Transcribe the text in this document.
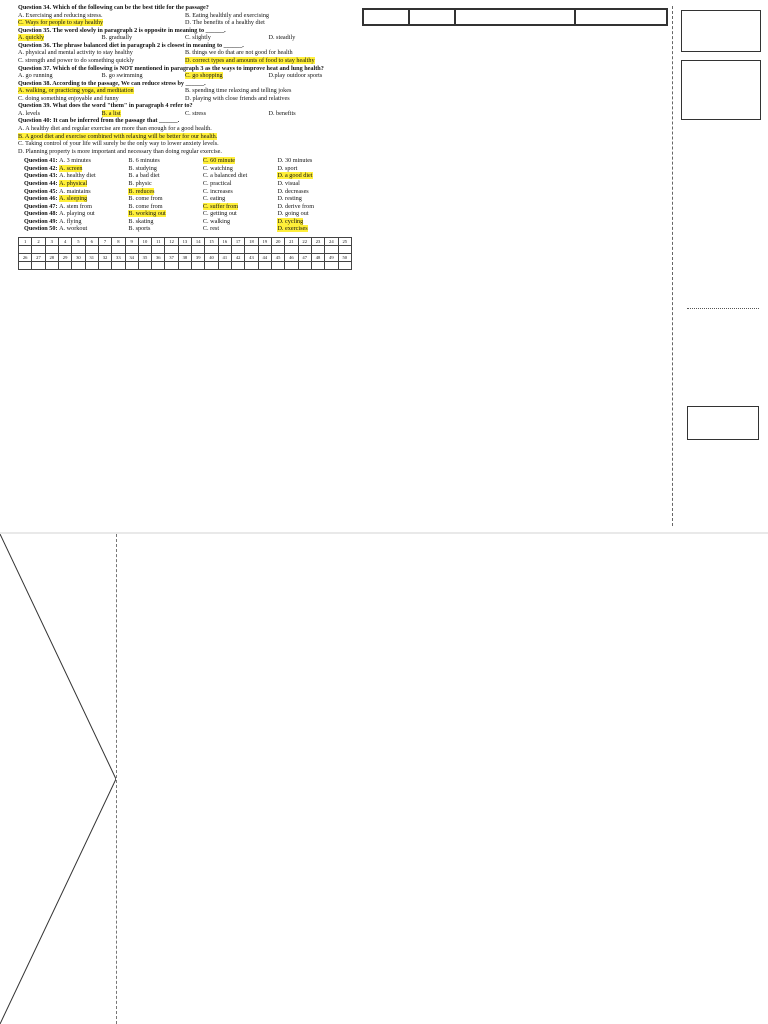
Question 34. Which of the following can be the best title for the passage?
A. Exercising and reducing stress.	B. Eating healthily and exercising
C. Ways for people to stay healthy	D. The benefits of a healthy diet
Question 35. The word slowly in paragraph 2 is opposite in meaning to ______.
A. quickly	B. gradually	C. slightly	D. steadily
Question 36. The phrase balanced diet in paragraph 2 is closest in meaning to ______.
A. physical and mental activity to stay healthy	B. things we do that are not good for health
C. strength and power to do something quickly	D. correct types and amounts of food to stay healthy
Question 37. Which of the following is NOT mentioned in paragraph 3 as the ways to improve heat and lung health?
A. go running	B. go swimming	C. go shopping	D.play outdoor sports
Question 38. According to the passage, We can reduce stress by ______.
A. walking, or practicing yoga, and meditation	B. spending time relaxing and telling jokes
C. doing something enjoyable and funny	D. playing with close friends and relatives
Question 39. What does the word "them" in paragraph 4 refer to?
A. levels	B. a list	C. stress	D. benefits
Question 40: It can be inferred from the passage that ______.
A. A healthy diet and regular exercise are more than enough for a good health.
B. A good diet and exercise combined with relaxing will be better for our health.
C. Taking control of your life will surely be the only way to lower anxiety levels.
D. Planning property is more important and necessary than doing regular exercise.
Question 41: A. 3 minutes	B. 6 minutes	C. 60 minute	D. 30 minutes
Question 42: A. screen	B. studying	C. watching	D. sport
Question 43: A. healthy diet	B. a bad diet	C. a balanced diet	D. a good diet
Question 44: A. physical	B. physic	C. practical	D. visual
Question 45: A. maintains	B. reduces	C. increases	D. decreases
Question 46: A. sleeping	B. come from	C. eating	D. resting
Question 47: A. stem from	B. come from	C. suffer from	D. derive from
Question 48: A. playing out	B. working out	C. getting out	D. going out
Question 49: A. flying	B. skating	C. walking	D. cycling
Question 50: A. workout	B. sports	C. rest	D. exercises
1	2	3	4	5	6	7	8	9	10	11	12	13	14	15	16	17	18	19	20	21	22	23	24	25

26	27	28	29	30	31	32	33	34	35	36	37	38	39	40	41	42	43	44	45	46	47	48	49	50
